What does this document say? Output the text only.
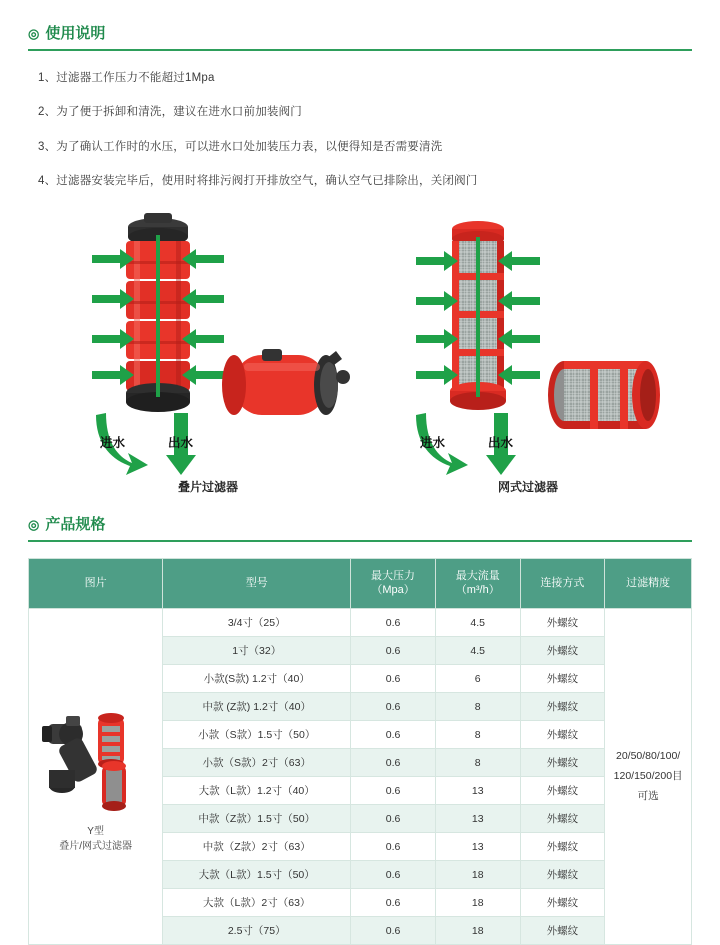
◎ 使用说明
1、过滤器工作压力不能超过1Mpa
2、为了便于拆卸和清洗，建议在进水口前加装阀门
3、为了确认工作时的水压，可以进水口处加装压力表，以便得知是否需要清洗
4、过滤器安装完毕后，使用时将排污阀打开排放空气，确认空气已排除出，关闭阀门
进水	出水
叠片过滤器
进水	出水
网式过滤器
◎ 产品规格
图片	型号	最大压力
（Mpa）	最大流量
（m³/h）	连接方式	过滤精度

Y型
叠片/网式过滤器
	3/4寸（25）	0.6	4.5	外螺纹	
20/50/80/100/
120/150/200目
可选

	1寸（32）	0.6	4.5	外螺纹	
	小款(S款) 1.2寸（40）	0.6	6	外螺纹	
	中款 (Z款) 1.2寸（40）	0.6	8	外螺纹	
	小款（S款）1.5寸（50）	0.6	8	外螺纹	
	小款（S款）2寸（63）	0.6	8	外螺纹	
	大款（L款）1.2寸（40）	0.6	13	外螺纹	
	中款（Z款）1.5寸（50）	0.6	13	外螺纹	
	中款（Z款）2寸（63）	0.6	13	外螺纹	
	大款（L款）1.5寸（50）	0.6	18	外螺纹	
	大款（L款）2寸（63）	0.6	18	外螺纹	
	2.5寸（75）	0.6	18	外螺纹	
